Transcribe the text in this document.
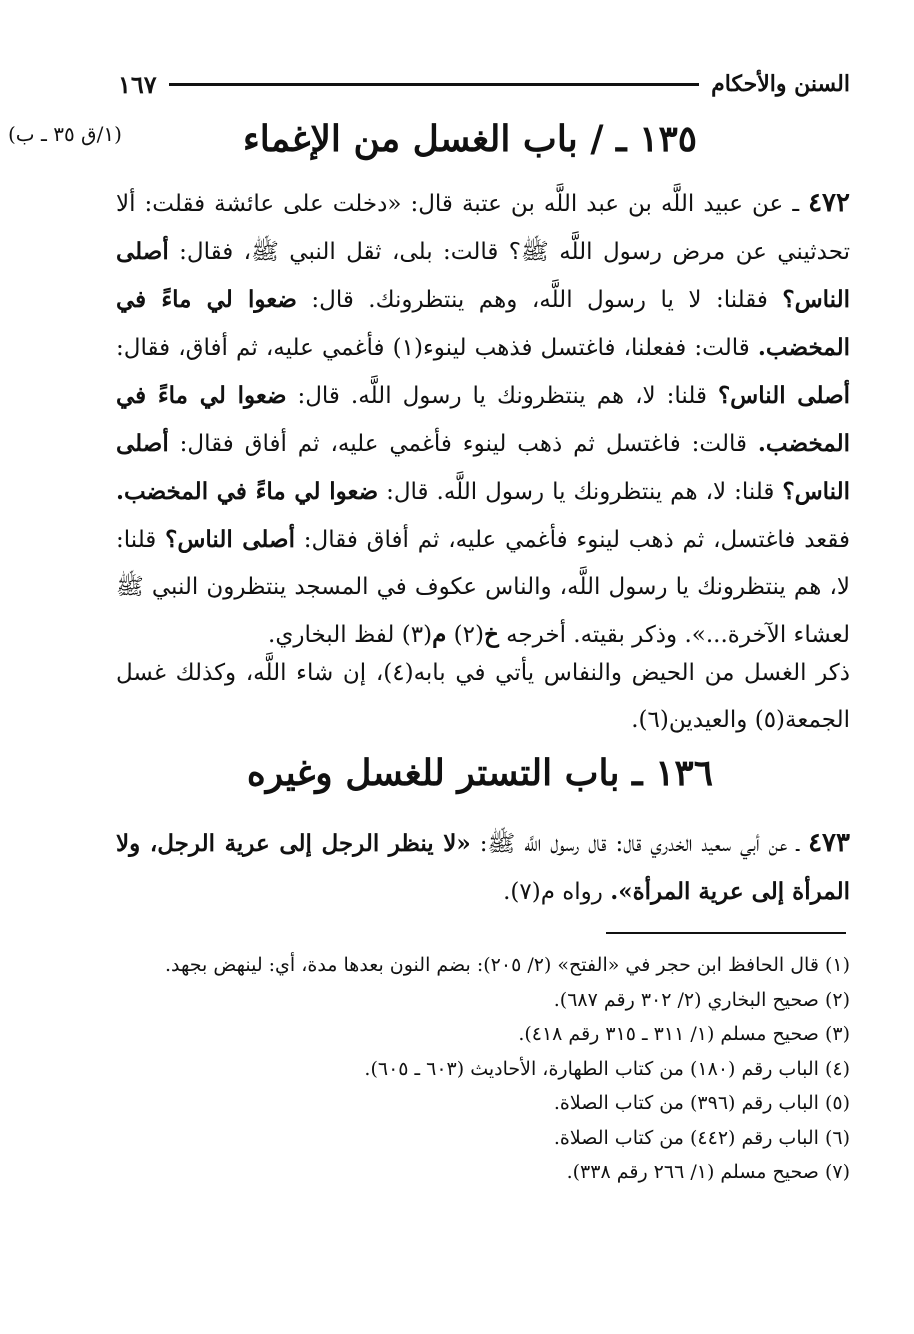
السنن والأحكام
١٦٧
(١/ق ٣٥ ـ ب)	١٣٥ ـ / باب الغسل من الإغماء
٤٧٢ ـ عن عبيد اللَّه بن عبد اللَّه بن عتبة قال: «دخلت على عائشة فقلت: ألا تحدثيني عن مرض رسول اللَّه ﷺ؟ قالت: بلى، ثقل النبي ﷺ، فقال: أصلى الناس؟ فقلنا: لا يا رسول اللَّه، وهم ينتظرونك. قال: ضعوا لي ماءً في المخضب. قالت: ففعلنا، فاغتسل فذهب لينوء(١) فأغمي عليه، ثم أفاق، فقال: أصلى الناس؟ قلنا: لا، هم ينتظرونك يا رسول اللَّه. قال: ضعوا لي ماءً في المخضب. قالت: فاغتسل ثم ذهب لينوء فأغمي عليه، ثم أفاق فقال: أصلى الناس؟ قلنا: لا، هم ينتظرونك يا رسول اللَّه. قال: ضعوا لي ماءً في المخضب. فقعد فاغتسل، ثم ذهب لينوء فأغمي عليه، ثم أفاق فقال: أصلى الناس؟ قلنا: لا، هم ينتظرونك يا رسول اللَّه، والناس عكوف في المسجد ينتظرون النبي ﷺ لعشاء الآخرة...». وذكر بقيته. أخرجه خ(٢) م(٣) لفظ البخاري.
ذكر الغسل من الحيض والنفاس يأتي في بابه(٤)، إن شاء اللَّه، وكذلك غسل الجمعة(٥) والعيدين(٦).
١٣٦ ـ باب التستر للغسل وغيره
٤٧٣ ـ عن أبي سعيد الخدري قال: قال رسول اللَّه ﷺ: «لا ينظر الرجل إلى عرية الرجل، ولا المرأة إلى عرية المرأة». رواه م(٧).
(١) قال الحافظ ابن حجر في «الفتح» (٢/ ٢٠٥): بضم النون بعدها مدة، أي: لينهض بجهد.
(٢) صحيح البخاري (٢/ ٣٠٢ رقم ٦٨٧).
(٣) صحيح مسلم (١/ ٣١١ ـ ٣١٥ رقم ٤١٨).
(٤) الباب رقم (١٨٠) من كتاب الطهارة، الأحاديث (٦٠٣ ـ ٦٠٥).
(٥) الباب رقم (٣٩٦) من كتاب الصلاة.
(٦) الباب رقم (٤٤٢) من كتاب الصلاة.
(٧) صحيح مسلم (١/ ٢٦٦ رقم ٣٣٨).
